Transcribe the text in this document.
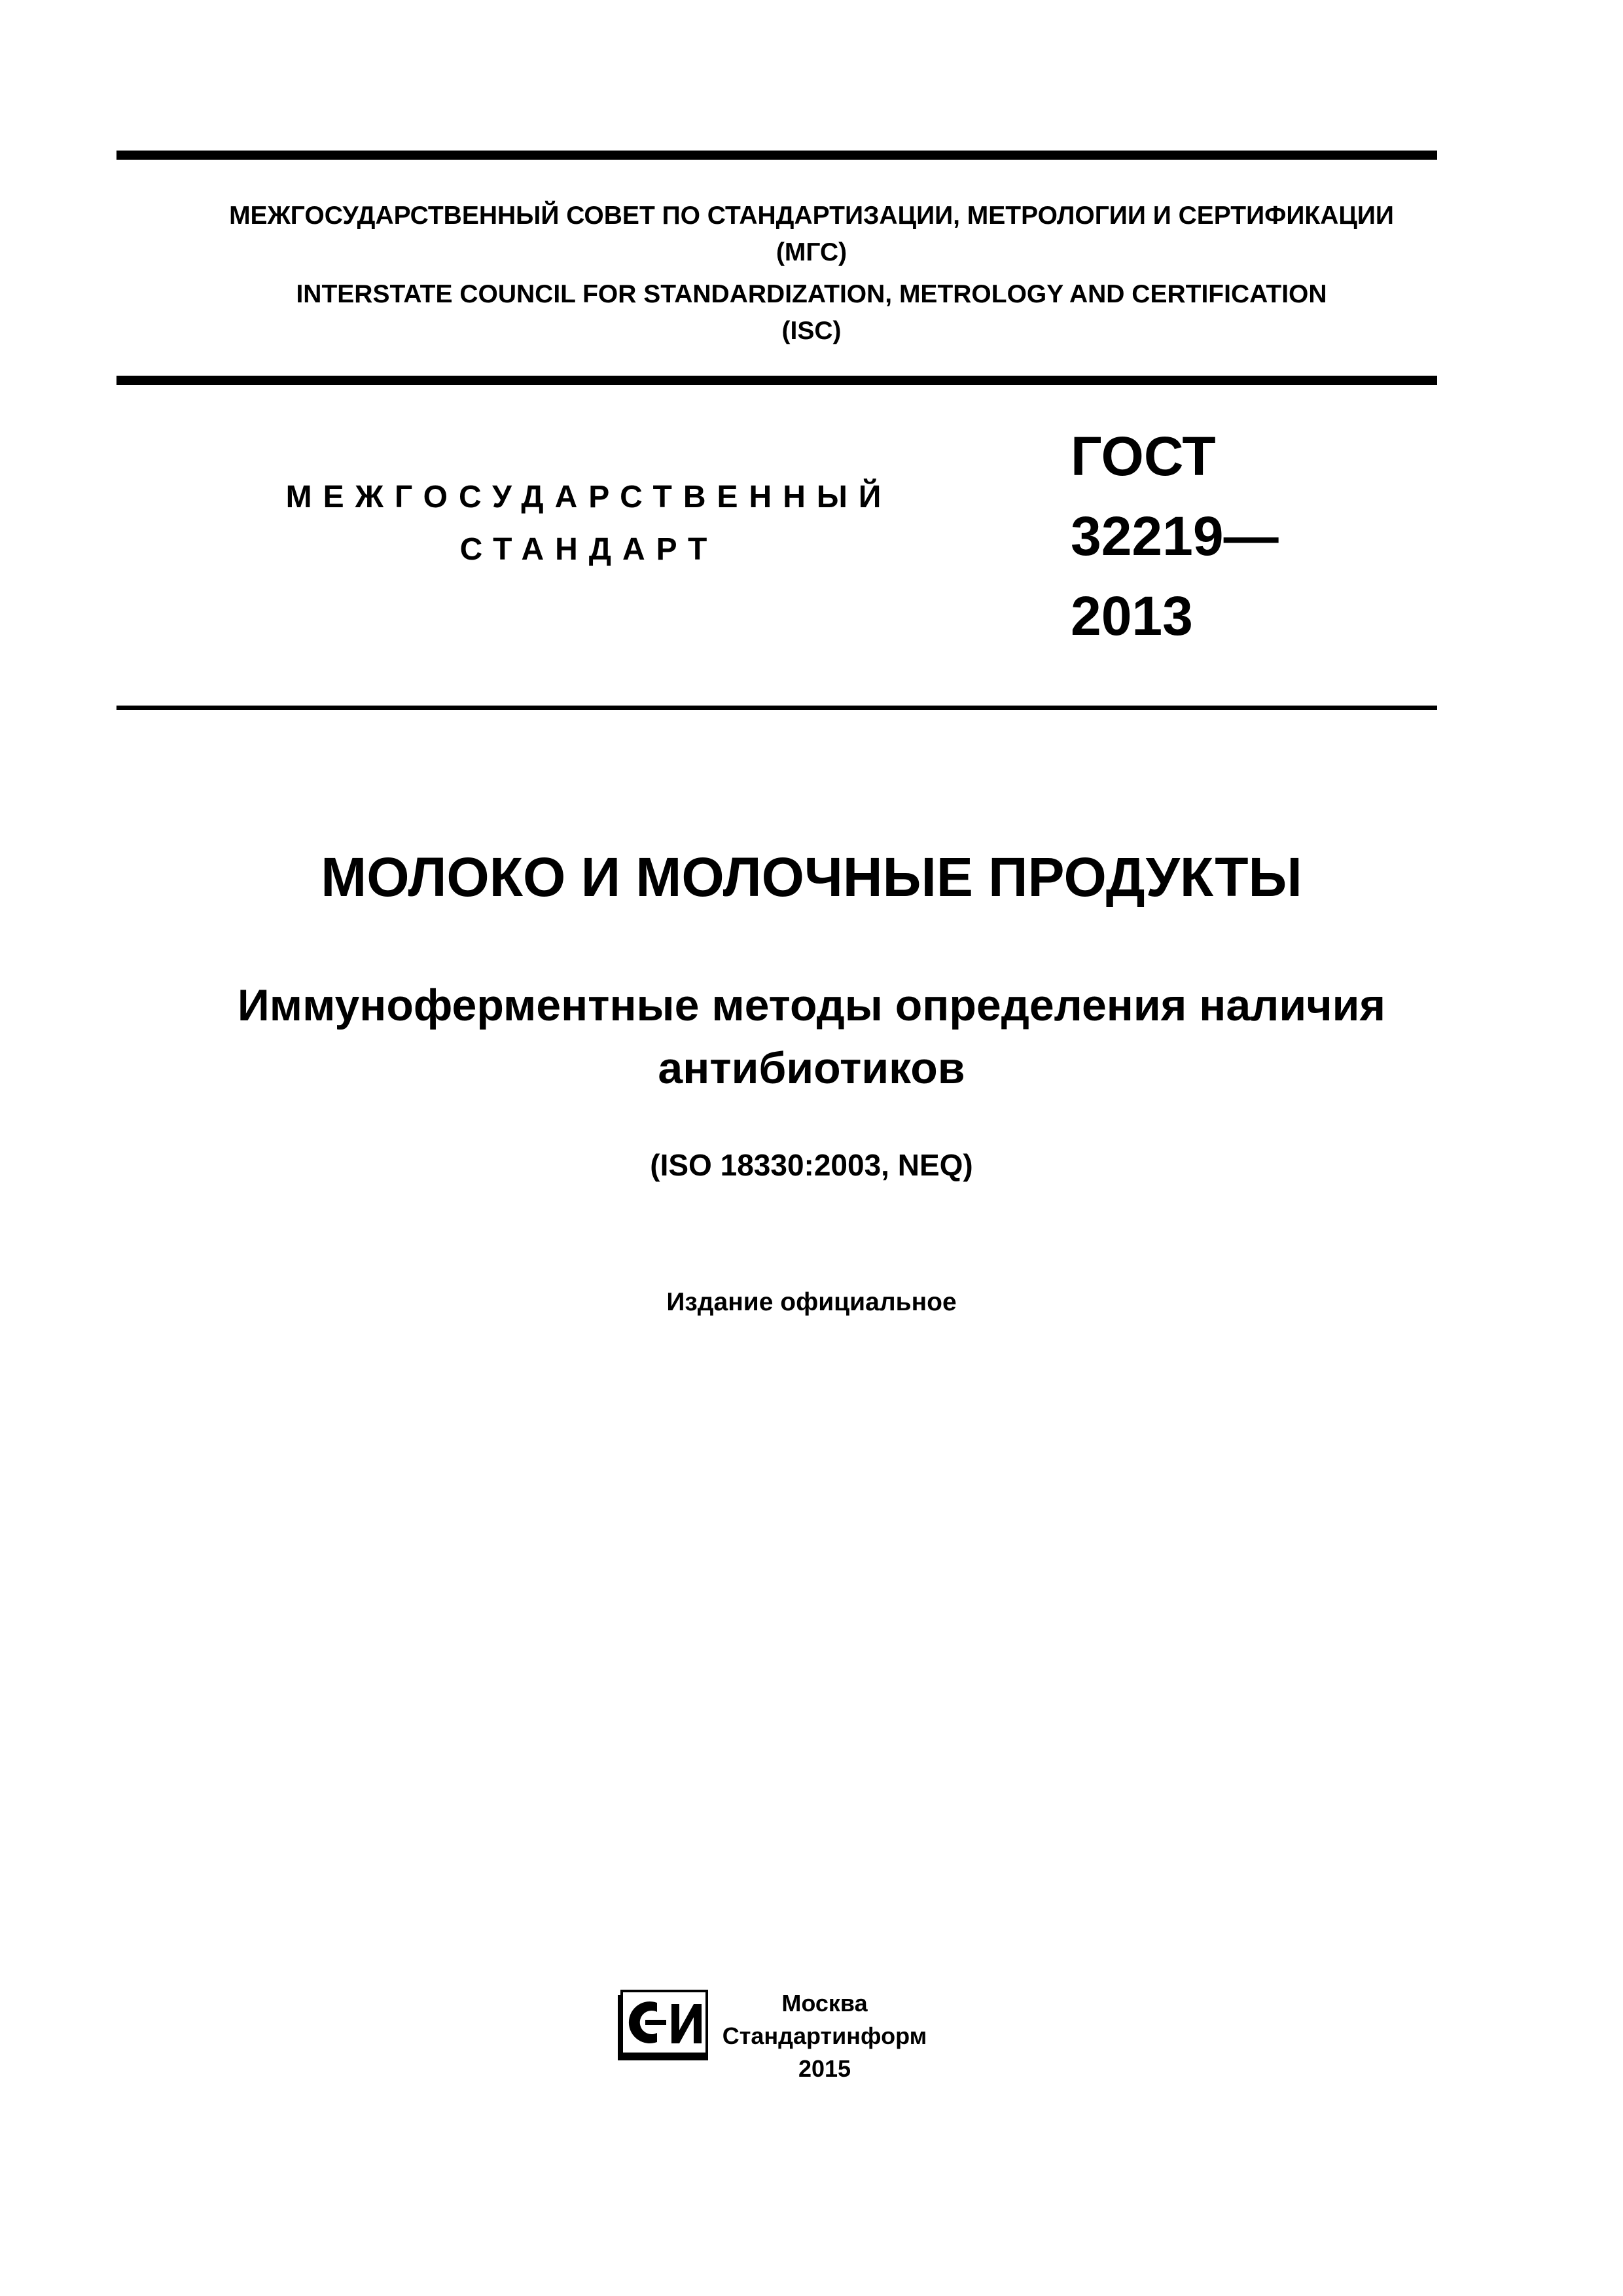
МЕЖГОСУДАРСТВЕННЫЙ СОВЕТ ПО СТАНДАРТИЗАЦИИ, МЕТРОЛОГИИ И СЕРТИФИКАЦИИ
(МГС)
INTERSTATE COUNCIL FOR STANDARDIZATION, METROLOGY AND CERTIFICATION
(ISC)
МЕЖГОСУДАРСТВЕННЫЙ
СТАНДАРТ
ГОСТ
32219—
2013
МОЛОКО И МОЛОЧНЫЕ ПРОДУКТЫ
Иммуноферментные методы определения наличия
антибиотиков
(ISO 18330:2003, NEQ)
Издание официальное
Москва
Стандартинформ
2015
